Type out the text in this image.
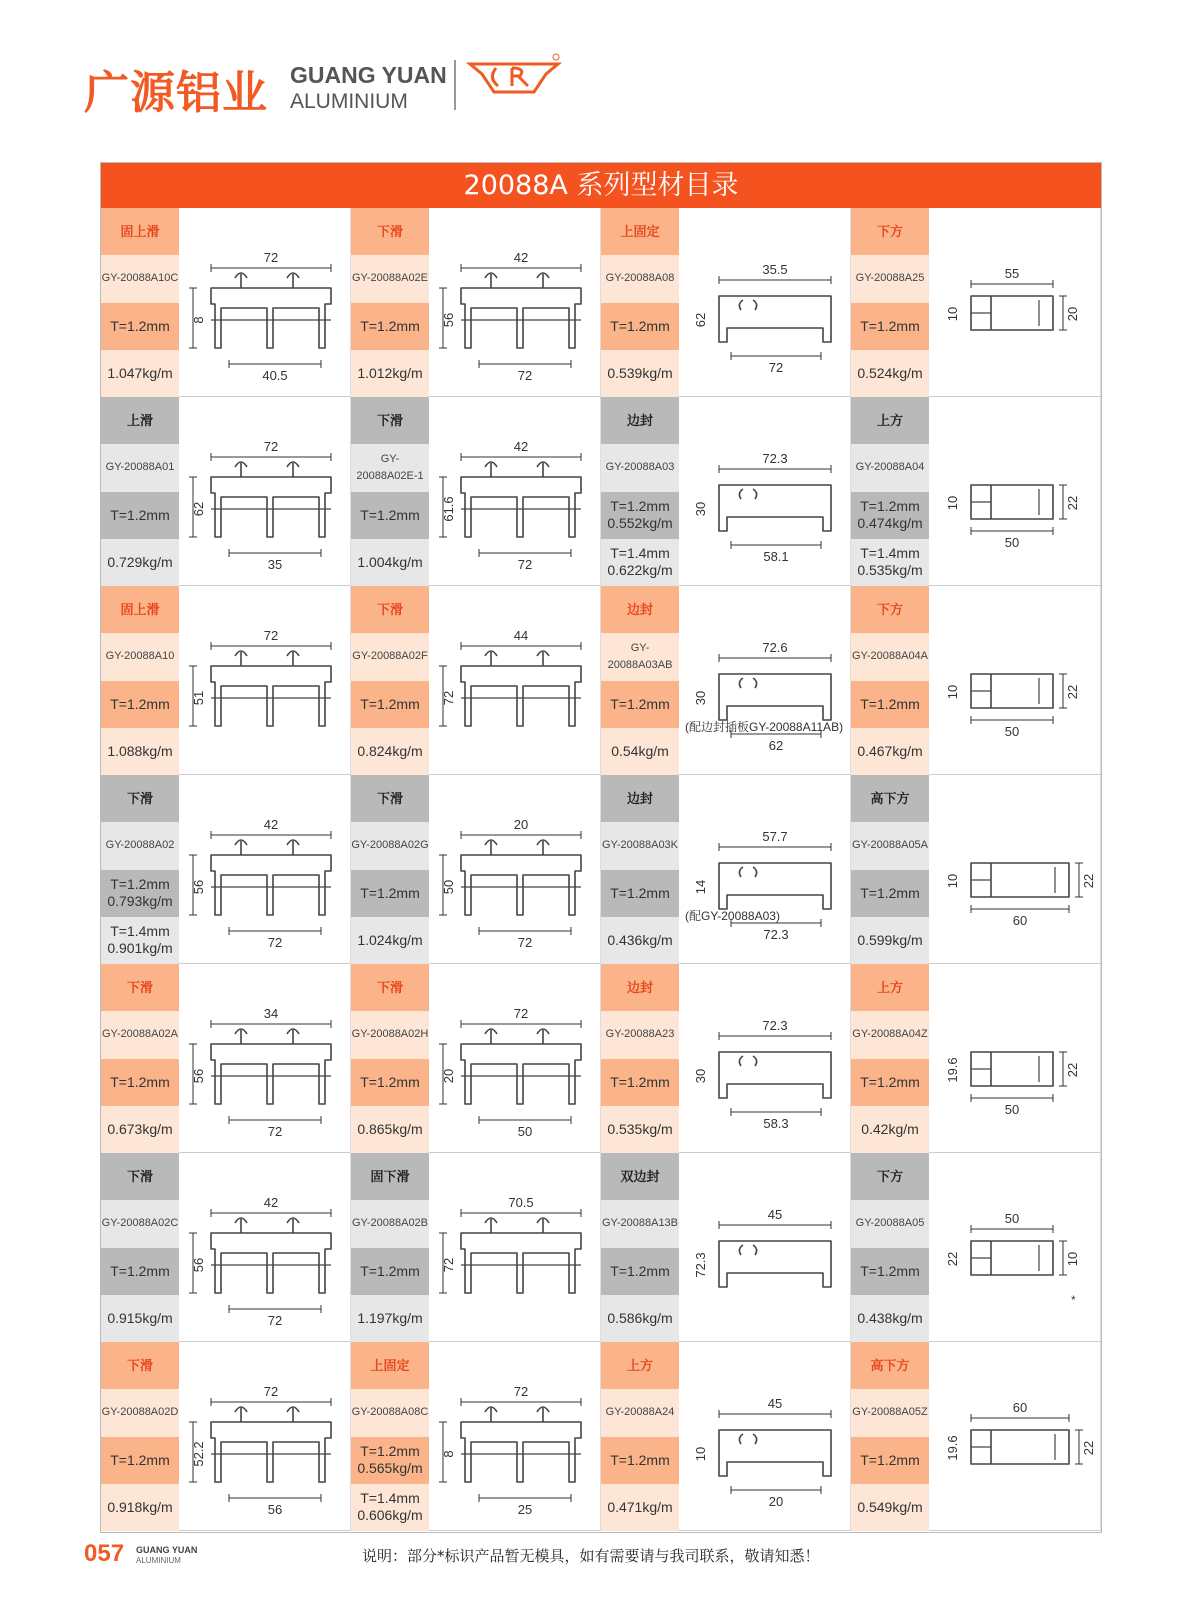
广源铝业 GUANG YUAN
ALUMINIUM
20088A 系列型材目录
固上滑
GY-20088A10C
T=1.2mm
1.047kg/m
72
8
40.5
下滑
GY-20088A02E
T=1.2mm
1.012kg/m
42
56
72
上固定
GY-20088A08
T=1.2mm
0.539kg/m
35.5
62
72
下方
GY-20088A25
T=1.2mm
0.524kg/m
55
10	20
上滑
GY-20088A01
T=1.2mm
0.729kg/m
72
62
35
下滑
GY-20088A02E-1
T=1.2mm
1.004kg/m
42
61.6
72
边封
GY-20088A03
T=1.2mm
0.552kg/m
T=1.4mm
0.622kg/m
72.3
30
58.1
上方
GY-20088A04
T=1.2mm
0.474kg/m
T=1.4mm
0.535kg/m
50
10	22
固上滑
GY-20088A10
T=1.2mm
1.088kg/m
72
51
下滑
GY-20088A02F
T=1.2mm
0.824kg/m
44
72
边封
GY-20088A03AB
T=1.2mm
0.54kg/m
72.6
30
62
(配边封插板GY-20088A11AB)
下方
GY-20088A04A
T=1.2mm
0.467kg/m
50
10	22
下滑
GY-20088A02
T=1.2mm
0.793kg/m
T=1.4mm
0.901kg/m
42
56
72
下滑
GY-20088A02G
T=1.2mm
1.024kg/m
20
50
72
边封
GY-20088A03K
T=1.2mm
0.436kg/m
57.7
14
72.3
(配GY-20088A03)
高下方
GY-20088A05A
T=1.2mm
0.599kg/m
60
10	22
下滑
GY-20088A02A
T=1.2mm
0.673kg/m
34
56
72
下滑
GY-20088A02H
T=1.2mm
0.865kg/m
72
20
50
边封
GY-20088A23
T=1.2mm
0.535kg/m
72.3
30
58.3
上方
GY-20088A04Z
T=1.2mm
0.42kg/m
50
19.6	22
下滑
GY-20088A02C
T=1.2mm
0.915kg/m
42
56
72
固下滑
GY-20088A02B
T=1.2mm
1.197kg/m
70.5
72
双边封
GY-20088A13B
T=1.2mm
0.586kg/m
45
72.3
下方
GY-20088A05
T=1.2mm
0.438kg/m
50
22	10
*
下滑
GY-20088A02D
T=1.2mm
0.918kg/m
72
52.2
56
上固定
GY-20088A08C
T=1.2mm
0.565kg/m
T=1.4mm
0.606kg/m
72
8
25
上方
GY-20088A24
T=1.2mm
0.471kg/m
45
10
20
高下方
GY-20088A05Z
T=1.2mm
0.549kg/m
60
19.6	22
057 GUANG YUAN
ALUMINIUM	说明：部分*标识产品暂无模具，如有需要请与我司联系，敬请知悉！
